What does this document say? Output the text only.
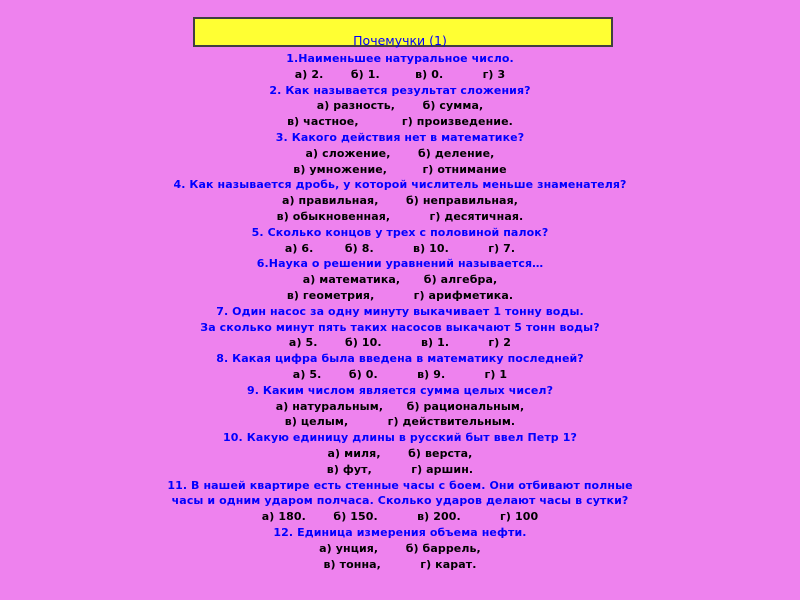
Почемучки (1)

1.Наименьшее натуральное число.

а) 2.       б) 1.         в) 0.          г) 3

2. Как называется результат сложения?

а) разность,       б) сумма,

в) частное,           г) произведение.

3. Какого действия нет в математике?

а) сложение,       б) деление,

в) умножение,         г) отнимание

4. Как называется дробь, у которой числитель меньше знаменателя?

а) правильная,       б) неправильная,

в) обыкновенная,          г) десятичная.

5. Сколько концов у трех с половиной палок?

а) 6.        б) 8.          в) 10.          г) 7.

6.Наука о решении уравнений называется…

а) математика,      б) алгебра,

в) геометрия,          г) арифметика.

7. Один насос за одну минуту выкачивает 1 тонну воды.

За сколько минут пять таких насосов выкачают 5 тонн воды?

а) 5.       б) 10.          в) 1.          г) 2

8. Какая цифра была введена в математику последней?

а) 5.       б) 0.          в) 9.          г) 1

9. Каким числом является сумма целых чисел?

а) натуральным,      б) рациональным,

в) целым,          г) действительным.

10. Какую единицу длины в русский быт ввел Петр 1?

а) миля,       б) верста,

в) фут,          г) аршин.

11. В нашей квартире есть стенные часы с боем. Они отбивают полные

часы и одним ударом полчаса. Сколько ударов делают часы в сутки?

а) 180.       б) 150.          в) 200.          г) 100

12. Единица измерения объема нефти.

а) унция,       б) баррель,

в) тонна,          г) карат.
